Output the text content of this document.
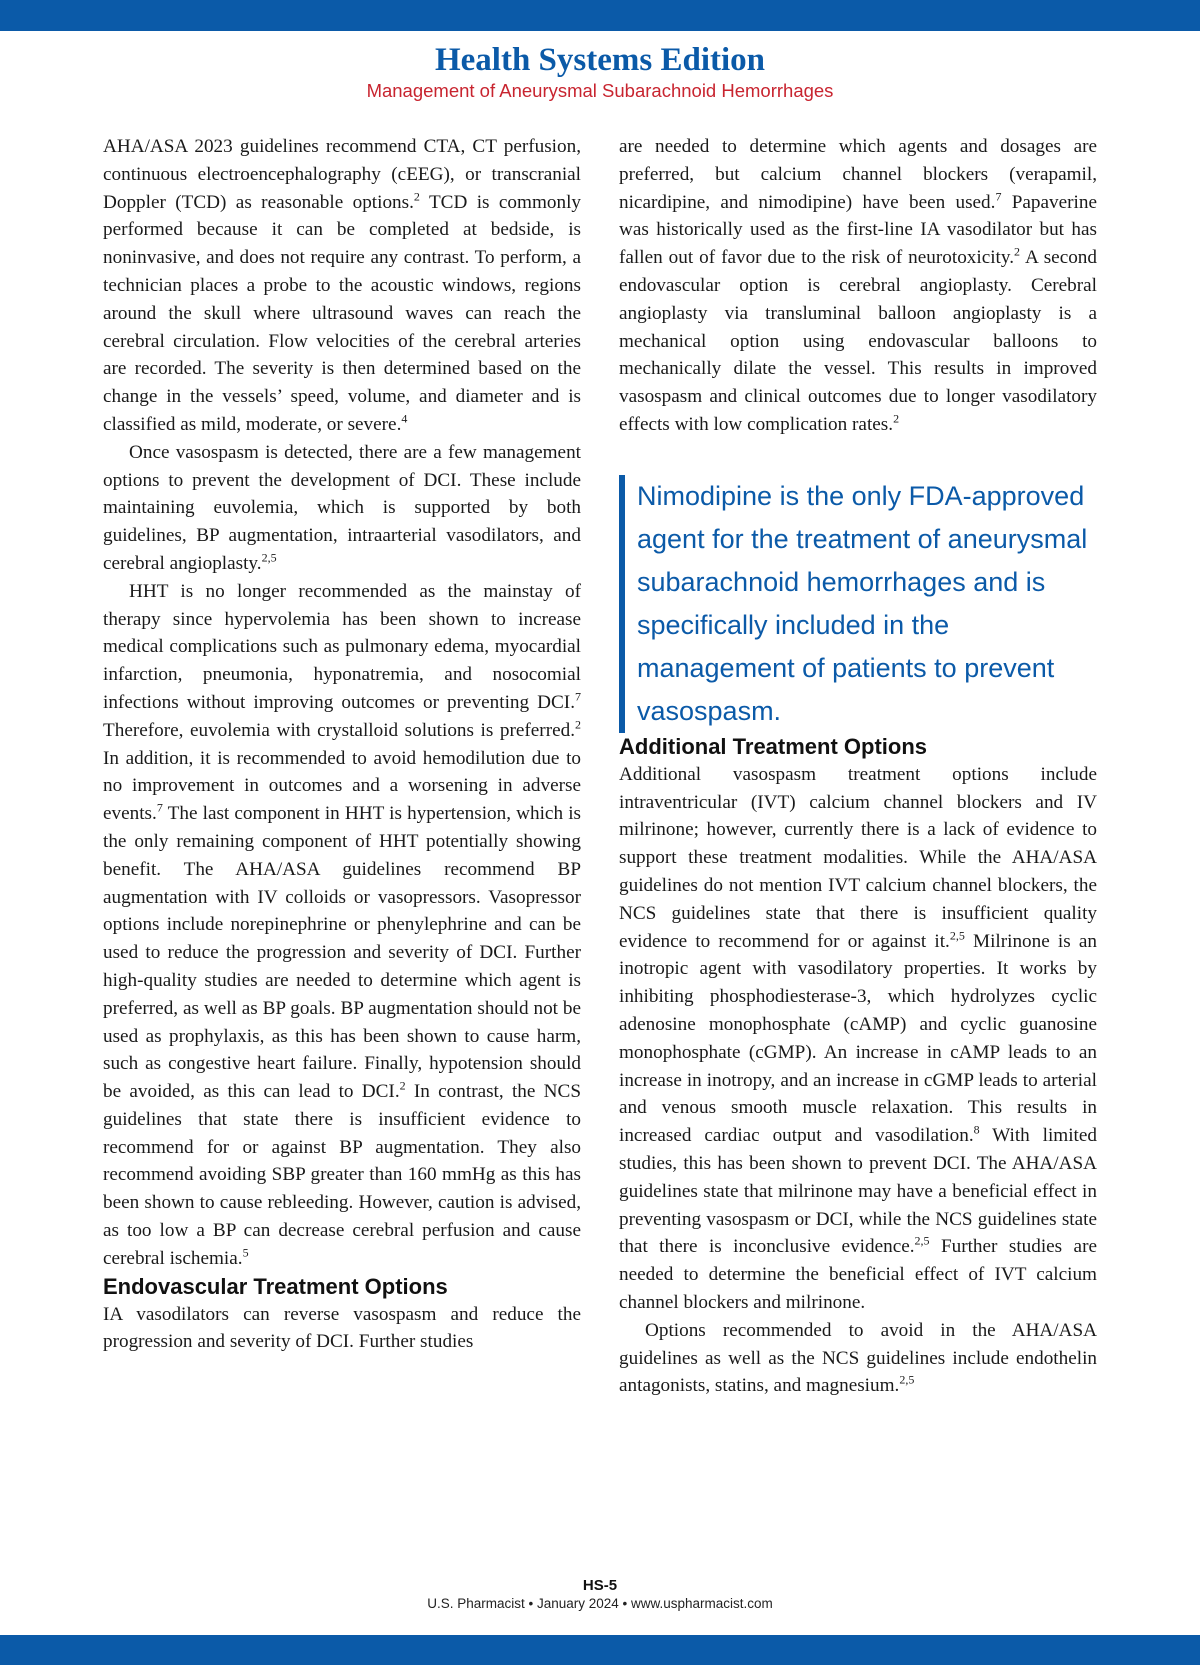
Health Systems Edition
Management of Aneurysmal Subarachnoid Hemorrhages

AHA/ASA 2023 guidelines recommend CTA, CT perfusion, continuous electroencephalography (cEEG), or transcranial Doppler (TCD) as reasonable options.$^2$ TCD is commonly performed because it can be completed at bedside, is noninvasive, and does not require any contrast. To perform, a technician places a probe to the acoustic windows, regions around the skull where ultrasound waves can reach the cerebral circulation. Flow velocities of the cerebral arteries are recorded. The severity is then determined based on the change in the vessels’ speed, volume, and diameter and is classified as mild, moderate, or severe.$^4$

Once vasospasm is detected, there are a few management options to prevent the development of DCI. These include maintaining euvolemia, which is supported by both guidelines, BP augmentation, intraarterial vasodilators, and cerebral angioplasty.$^{2,5}$

HHT is no longer recommended as the mainstay of therapy since hypervolemia has been shown to increase medical complications such as pulmonary edema, myocardial infarction, pneumonia, hyponatremia, and nosocomial infections without improving outcomes or preventing DCI.$^7$ Therefore, euvolemia with crystalloid solutions is preferred.$^2$ In addition, it is recommended to avoid hemodilution due to no improvement in outcomes and a worsening in adverse events.$^7$ The last component in HHT is hypertension, which is the only remaining component of HHT potentially showing benefit. The AHA/ASA guidelines recommend BP augmentation with IV colloids or vasopressors. Vasopressor options include norepinephrine or phenylephrine and can be used to reduce the progression and severity of DCI. Further high-quality studies are needed to determine which agent is preferred, as well as BP goals. BP augmentation should not be used as prophylaxis, as this has been shown to cause harm, such as congestive heart failure. Finally, hypotension should be avoided, as this can lead to DCI.$^2$ In contrast, the NCS guidelines that state there is insufficient evidence to recommend for or against BP augmentation. They also recommend avoiding SBP greater than 160 mmHg as this has been shown to cause rebleeding. However, caution is advised, as too low a BP can decrease cerebral perfusion and cause cerebral ischemia.$^5$

Endovascular Treatment Options

IA vasodilators can reverse vasospasm and reduce the progression and severity of DCI. Further studies

are needed to determine which agents and dosages are preferred, but calcium channel blockers (verapamil, nicardipine, and nimodipine) have been used.$^7$ Papaverine was historically used as the first-line IA vasodilator but has fallen out of favor due to the risk of neurotoxicity.$^2$ A second endovascular option is cerebral angioplasty. Cerebral angioplasty via transluminal balloon angioplasty is a mechanical option using endovascular balloons to mechanically dilate the vessel. This results in improved vasospasm and clinical outcomes due to longer vasodilatory effects with low complication rates.$^2$

Nimodipine is the only FDA-approved agent for the treatment of aneurysmal subarachnoid hemorrhages and is specifically included in the management of patients to prevent vasospasm.
Additional Treatment Options

Additional vasospasm treatment options include intraventricular (IVT) calcium channel blockers and IV milrinone; however, currently there is a lack of evidence to support these treatment modalities. While the AHA/ASA guidelines do not mention IVT calcium channel blockers, the NCS guidelines state that there is insufficient quality evidence to recommend for or against it.$^{2,5}$ Milrinone is an inotropic agent with vasodilatory properties. It works by inhibiting phosphodiesterase-3, which hydrolyzes cyclic adenosine monophosphate (cAMP) and cyclic guanosine monophosphate (cGMP). An increase in cAMP leads to an increase in inotropy, and an increase in cGMP leads to arterial and venous smooth muscle relaxation. This results in increased cardiac output and vasodilation.$^8$ With limited studies, this has been shown to prevent DCI. The AHA/ASA guidelines state that milrinone may have a beneficial effect in preventing vasospasm or DCI, while the NCS guidelines state that there is inconclusive evidence.$^{2,5}$ Further studies are needed to determine the beneficial effect of IVT calcium channel blockers and milrinone.

Options recommended to avoid in the AHA/ASA guidelines as well as the NCS guidelines include endothelin antagonists, statins, and magnesium.$^{2,5}$

HS-5
U.S. Pharmacist • January 2024 • www.uspharmacist.com
